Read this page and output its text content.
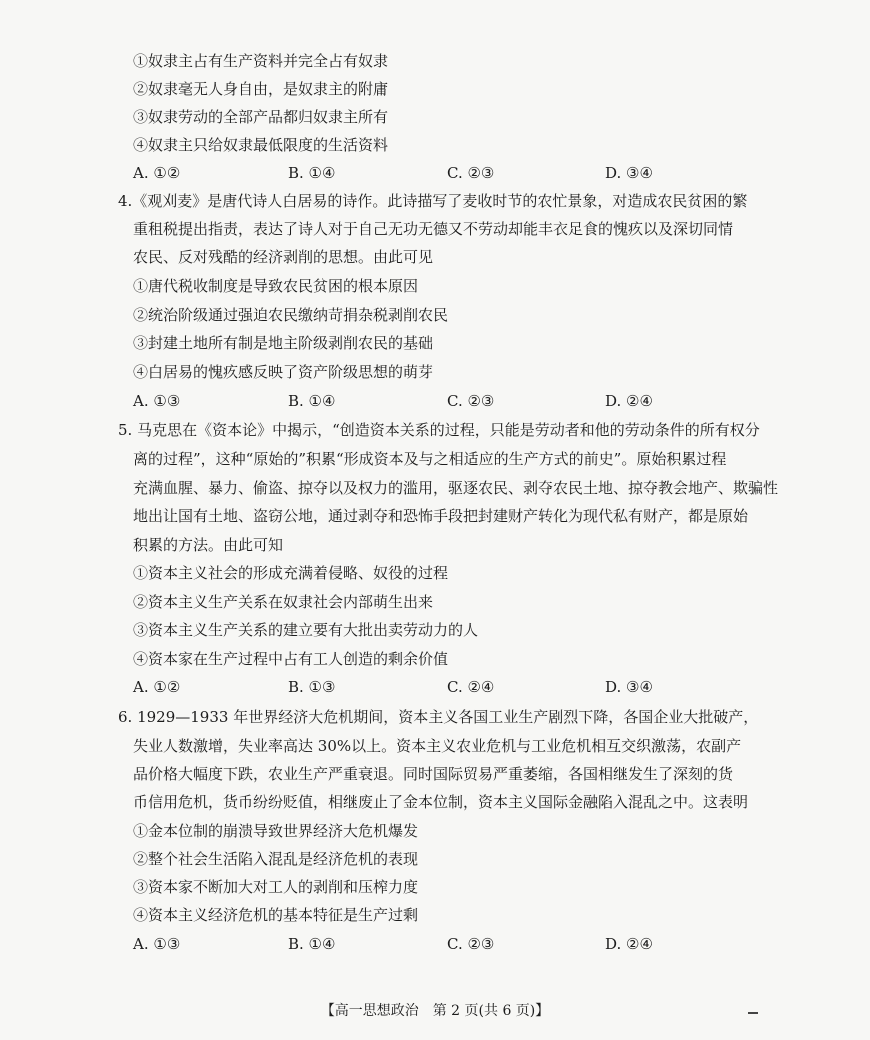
①奴隶主占有生产资料并完全占有奴隶
②奴隶毫无人身自由，是奴隶主的附庸
③奴隶劳动的全部产品都归奴隶主所有
④奴隶主只给奴隶最低限度的生活资料
A. ①②	B. ①④	C. ②③	D. ③④
4.《观刈麦》是唐代诗人白居易的诗作。此诗描写了麦收时节的农忙景象，对造成农民贫困的繁
重租税提出指责，表达了诗人对于自己无功无德又不劳动却能丰衣足食的愧疚以及深切同情
农民、反对残酷的经济剥削的思想。由此可见
①唐代税收制度是导致农民贫困的根本原因
②统治阶级通过强迫农民缴纳苛捐杂税剥削农民
③封建土地所有制是地主阶级剥削农民的基础
④白居易的愧疚感反映了资产阶级思想的萌芽
A. ①③	B. ①④	C. ②③	D. ②④
5. 马克思在《资本论》中揭示，“创造资本关系的过程，只能是劳动者和他的劳动条件的所有权分
离的过程”，这种“原始的”积累“形成资本及与之相适应的生产方式的前史”。原始积累过程
充满血腥、暴力、偷盗、掠夺以及权力的滥用，驱逐农民、剥夺农民土地、掠夺教会地产、欺骗性
地出让国有土地、盗窃公地，通过剥夺和恐怖手段把封建财产转化为现代私有财产，都是原始
积累的方法。由此可知
①资本主义社会的形成充满着侵略、奴役的过程
②资本主义生产关系在奴隶社会内部萌生出来
③资本主义生产关系的建立要有大批出卖劳动力的人
④资本家在生产过程中占有工人创造的剩余价值
A. ①②	B. ①③	C. ②④	D. ③④
6. 1929—1933 年世界经济大危机期间，资本主义各国工业生产剧烈下降，各国企业大批破产，
失业人数激增，失业率高达 30%以上。资本主义农业危机与工业危机相互交织激荡，农副产
品价格大幅度下跌，农业生产严重衰退。同时国际贸易严重萎缩，各国相继发生了深刻的货
币信用危机，货币纷纷贬值，相继废止了金本位制，资本主义国际金融陷入混乱之中。这表明
①金本位制的崩溃导致世界经济大危机爆发
②整个社会生活陷入混乱是经济危机的表现
③资本家不断加大对工人的剥削和压榨力度
④资本主义经济危机的基本特征是生产过剩
A. ①③	B. ①④	C. ②③	D. ②④
【高一思想政治　第 2 页(共 6 页)】
